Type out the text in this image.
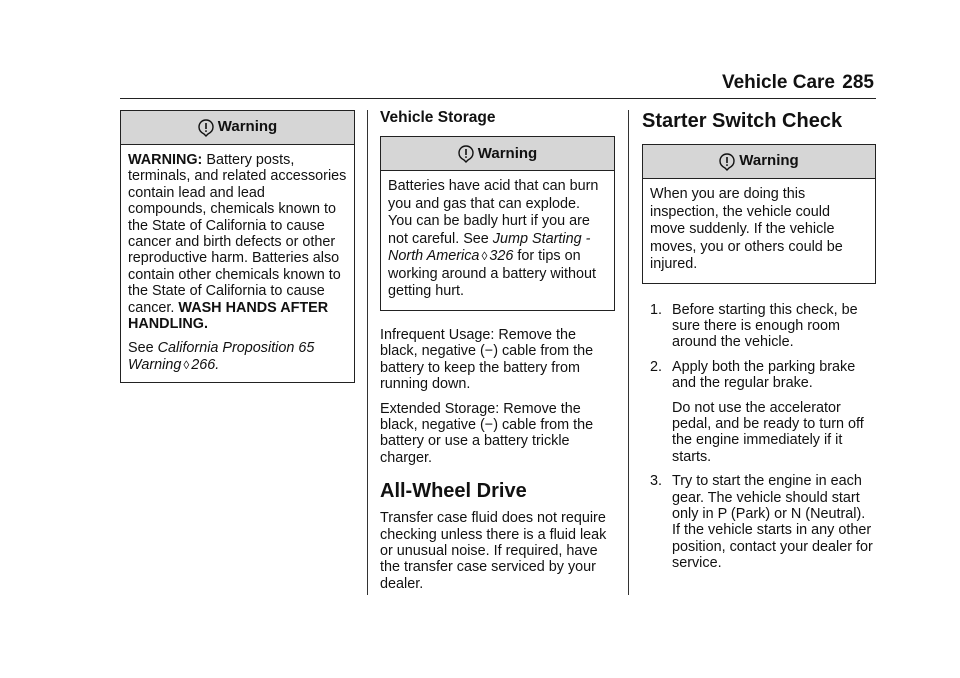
Vehicle Care 285
Warning

WARNING: Battery posts, terminals, and related accessories contain lead and lead compounds, chemicals known to the State of California to cause cancer and birth defects or other reproductive harm. Batteries also contain other chemicals known to the State of California to cause cancer. WASH HANDS AFTER HANDLING.

See California Proposition 65 Warning ◊ 266.

Vehicle Storage
Warning

Batteries have acid that can burn you and gas that can explode. You can be badly hurt if you are not careful. See Jump Starting - North America ◊ 326 for tips on working around a battery without getting hurt.

Infrequent Usage: Remove the black, negative (−) cable from the battery to keep the battery from running down.

Extended Storage: Remove the black, negative (−) cable from the battery or use a battery trickle charger.

All-Wheel Drive

Transfer case fluid does not require checking unless there is a fluid leak or unusual noise. If required, have the transfer case serviced by your dealer.

Starter Switch Check
Warning

When you are doing this inspection, the vehicle could move suddenly. If the vehicle moves, you or others could be injured.

1. Before starting this check, be sure there is enough room around the vehicle.
2. Apply both the parking brake and the regular brake.

Do not use the accelerator pedal, and be ready to turn off the engine immediately if it starts.

3. Try to start the engine in each gear. The vehicle should start only in P (Park) or N (Neutral). If the vehicle starts in any other position, contact your dealer for service.
